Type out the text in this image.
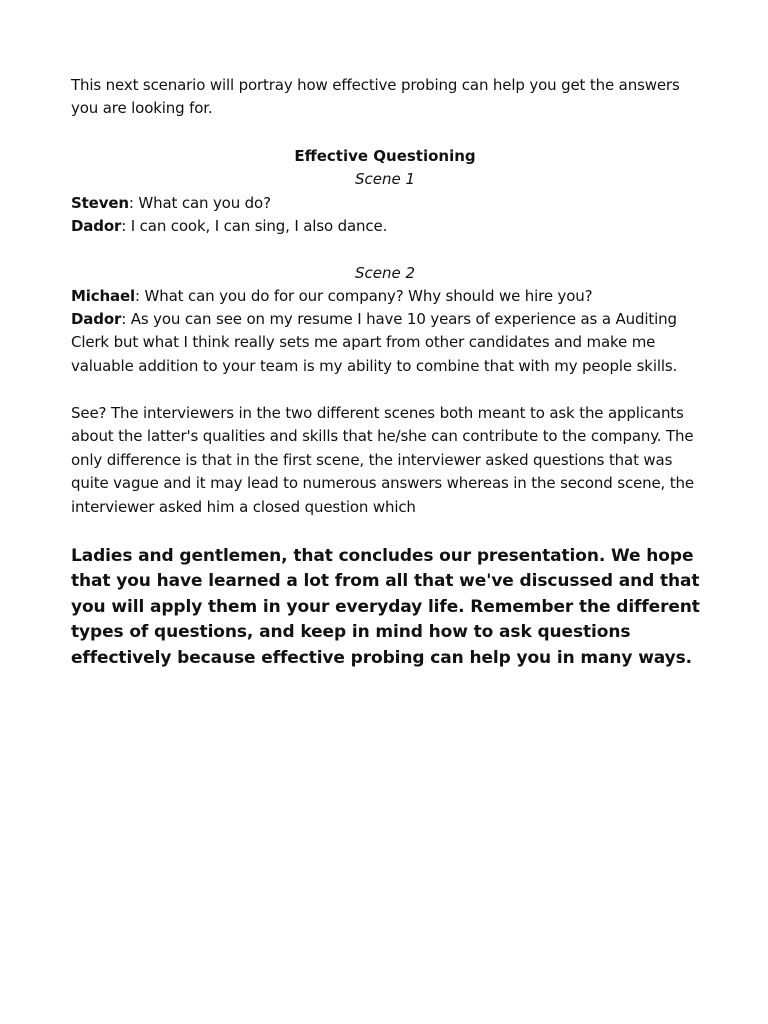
This next scenario will portray how effective probing can help you get the answers you are looking for.

Effective Questioning

Scene 1

Steven: What can you do?

Dador: I can cook, I can sing, I also dance.

Scene 2

Michael: What can you do for our company? Why should we hire you?

Dador: As you can see on my resume I have 10 years of experience as a Auditing Clerk but what I think really sets me apart from other candidates and make me valuable addition to your team is my ability to combine that with my people skills.

See? The interviewers in the two different scenes both meant to ask the applicants about the latter's qualities and skills that he/she can contribute to the company. The only difference is that in the first scene, the interviewer asked questions that was quite vague and it may lead to numerous answers whereas in the second scene, the interviewer asked him a closed question which

Ladies and gentlemen, that concludes our presentation. We hope that you have learned a lot from all that we've discussed and that you will apply them in your everyday life. Remember the different types of questions, and keep in mind how to ask questions effectively because effective probing can help you in many ways.
